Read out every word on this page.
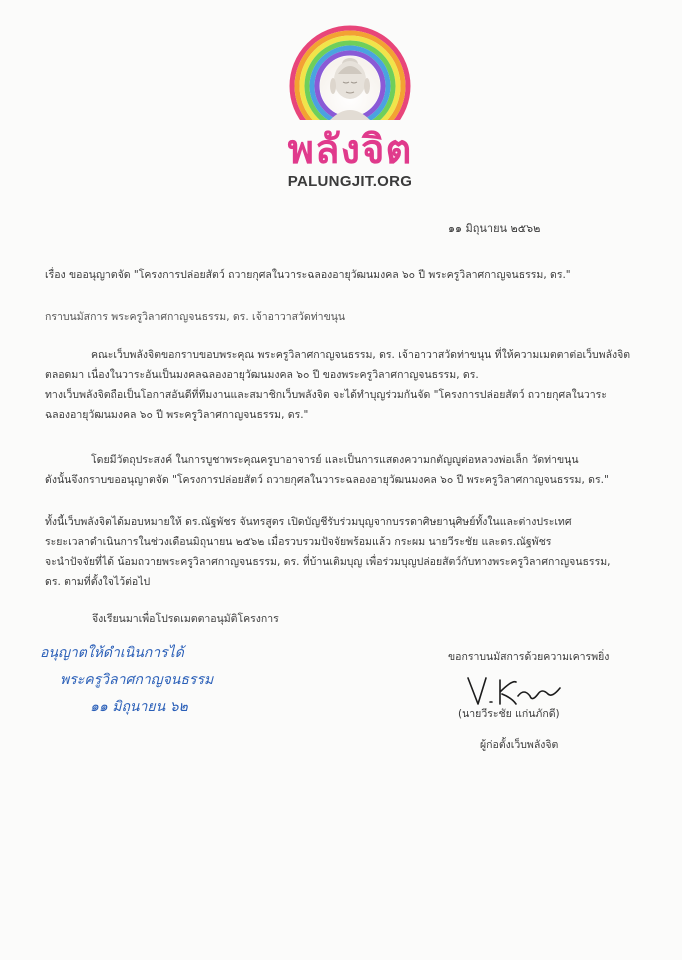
พลังจิต
PALUNGJIT.ORG
๑๑ มิถุนายน ๒๕๖๒
เรื่อง ขออนุญาตจัด "โครงการปล่อยสัตว์ ถวายกุศลในวาระฉลองอายุวัฒนมงคล ๖๐ ปี พระครูวิลาศกาญจนธรรม, ดร."
กราบนมัสการ พระครูวิลาศกาญจนธรรม, ดร. เจ้าอาวาสวัดท่าขนุน
คณะเว็บพลังจิตขอกราบขอบพระคุณ พระครูวิลาศกาญจนธรรม, ดร. เจ้าอาวาสวัดท่าขนุน ที่ให้ความเมตตาต่อเว็บพลังจิต
ตลอดมา เนื่องในวาระอันเป็นมงคลฉลองอายุวัฒนมงคล ๖๐ ปี ของพระครูวิลาศกาญจนธรรม, ดร.
ทางเว็บพลังจิตถือเป็นโอกาสอันดีที่ทีมงานและสมาชิกเว็บพลังจิต จะได้ทำบุญร่วมกันจัด "โครงการปล่อยสัตว์ ถวายกุศลในวาระ
ฉลองอายุวัฒนมงคล ๖๐ ปี พระครูวิลาศกาญจนธรรม, ดร."
โดยมีวัตถุประสงค์ ในการบูชาพระคุณครูบาอาจารย์ และเป็นการแสดงความกตัญญูต่อหลวงพ่อเล็ก วัดท่าขนุน
ดังนั้นจึงกราบขออนุญาตจัด "โครงการปล่อยสัตว์ ถวายกุศลในวาระฉลองอายุวัฒนมงคล ๖๐ ปี พระครูวิลาศกาญจนธรรม, ดร."
ทั้งนี้เว็บพลังจิตได้มอบหมายให้ ดร.ณัฐพัชร จันทรสูตร เปิดบัญชีรับร่วมบุญจากบรรดาศิษยานุศิษย์ทั้งในและต่างประเทศ
ระยะเวลาดำเนินการในช่วงเดือนมิถุนายน ๒๕๖๒ เมื่อรวบรวมปัจจัยพร้อมแล้ว กระผม นายวีระชัย และดร.ณัฐพัชร
จะนำปัจจัยที่ได้ น้อมถวายพระครูวิลาศกาญจนธรรม, ดร. ที่บ้านเติมบุญ เพื่อร่วมบุญปล่อยสัตว์กับทางพระครูวิลาศกาญจนธรรม,
ดร. ตามที่ตั้งใจไว้ต่อไป
จึงเรียนมาเพื่อโปรดเมตตาอนุมัติโครงการ
อนุญาตให้ดำเนินการได้
พระครูวิลาศกาญจนธรรม
๑๑ มิถุนายน ๖๒
ขอกราบนมัสการด้วยความเคารพยิ่ง
(นายวีระชัย แก่นภักดี)
ผู้ก่อตั้งเว็บพลังจิต
